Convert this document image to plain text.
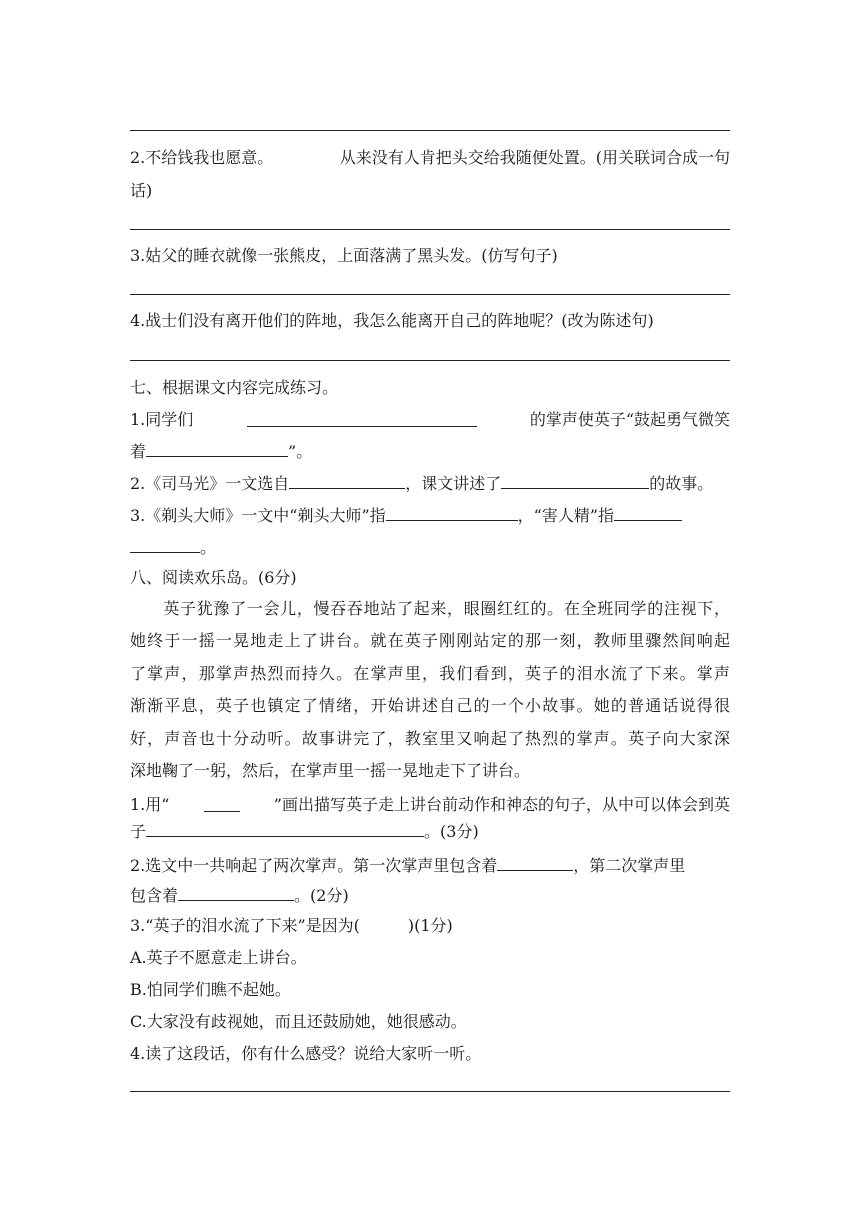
2.不给钱我也愿意。	从来没有人肯把头交给我随便处置。(用关联词合成一句
话)
3.姑父的睡衣就像一张熊皮，上面落满了黑头发。(仿写句子)
4.战士们没有离开他们的阵地，我怎么能离开自己的阵地呢？(改为陈述句)
七、根据课文内容完成练习。
1.同学们	的掌声使英子“鼓起勇气微笑
着	”。
2.《司马光》一文选自	，课文讲述了	的故事。
3.《剃头大师》一文中“剃头大师”指	，“害人精”指
。
八、阅读欢乐岛。(6分)
　　英子犹豫了一会儿，慢吞吞地站了起来，眼圈红红的。在全班同学的注视下，
她终于一摇一晃地走上了讲台。就在英子刚刚站定的那一刻，教师里骤然间响起
了掌声，那掌声热烈而持久。在掌声里，我们看到，英子的泪水流了下来。掌声
渐渐平息，英子也镇定了情绪，开始讲述自己的一个小故事。她的普通话说得很
好，声音也十分动听。故事讲完了，教室里又响起了热烈的掌声。英子向大家深
深地鞠了一躬，然后，在掌声里一摇一晃地走下了讲台。
1.用“	”画出描写英子走上讲台前动作和神态的句子，从中可以体会到英
子	。(3分)
2.选文中一共响起了两次掌声。第一次掌声里包含着	，第二次掌声里
包含着	。(2分)
3.“英子的泪水流了下来”是因为(　　　)(1分)
A.英子不愿意走上讲台。
B.怕同学们瞧不起她。
C.大家没有歧视她，而且还鼓励她，她很感动。
4.读了这段话，你有什么感受？说给大家听一听。
